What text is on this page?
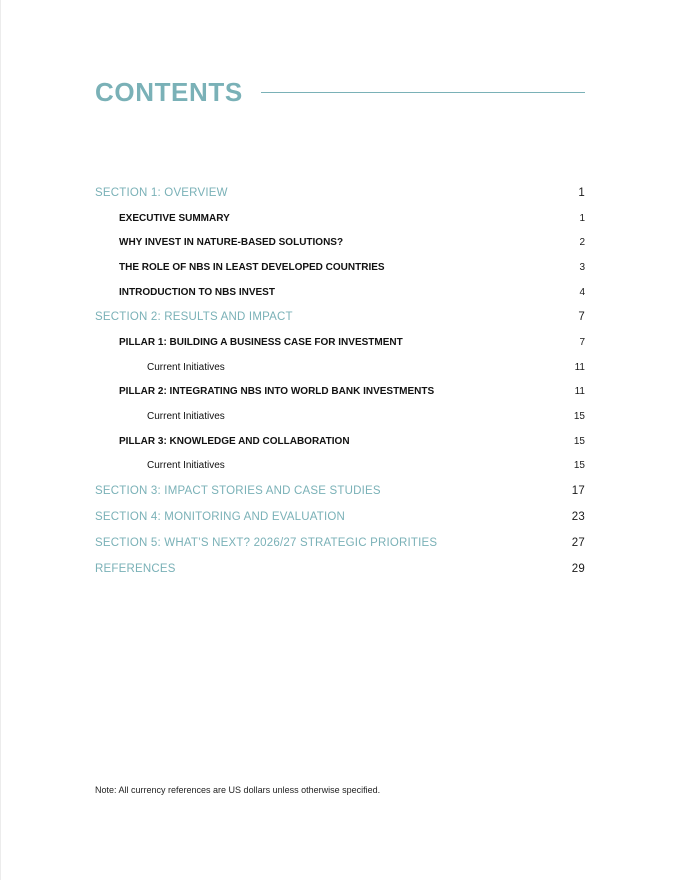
CONTENTS
SECTION 1: OVERVIEW	1
EXECUTIVE SUMMARY	1
WHY INVEST IN NATURE-BASED SOLUTIONS?	2
THE ROLE OF NBS IN LEAST DEVELOPED COUNTRIES	3
INTRODUCTION TO NBS INVEST	4
SECTION 2: RESULTS AND IMPACT	7
PILLAR 1: BUILDING A BUSINESS CASE FOR INVESTMENT	7
Current Initiatives	11
PILLAR 2: INTEGRATING NBS INTO WORLD BANK INVESTMENTS	11
Current Initiatives	15
PILLAR 3: KNOWLEDGE AND COLLABORATION	15
Current Initiatives	15
SECTION 3: IMPACT STORIES AND CASE STUDIES	17
SECTION 4: MONITORING AND EVALUATION	23
SECTION 5: WHAT’S NEXT? 2026/27 STRATEGIC PRIORITIES	27
REFERENCES	29
Note: All currency references are US dollars unless otherwise specified.
